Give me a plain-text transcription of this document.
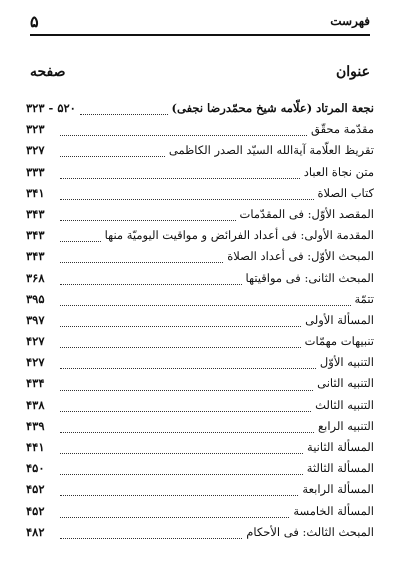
فهرست
۵
عنوان
صفحه
نجعة المرتاد (علّامه شیخ محمّدرضا نجفی)
۵۲۰ - ۳۲۳
مقدّمة محقّق
۳۲۳
تقریظ العلّامة آیة‌الله السیّد الصدر الکاظمی
۳۲۷
متن نجاة العباد
۳۳۳
کتاب الصلاة
۳۴۱
المقصد الأوّل: فی المقدّمات
۳۴۳
المقدمة الأولى: فی أعداد الفرائض و مواقیت الیومیّة منها
۳۴۳
المبحث الأوّل: فی أعداد الصلاة
۳۴۳
المبحث الثانی: فی مواقیتها
۳۶۸
تتمّة
۳۹۵
المسألة الأولى
۳۹۷
تنبیهات مهمّات
۴۲۷
التنبیه الأوّل
۴۲۷
التنبیه الثانی
۴۳۴
التنبیه الثالث
۴۳۸
التنبیه الرابع
۴۳۹
المسألة الثانیة
۴۴۱
المسألة الثالثة
۴۵۰
المسألة الرابعة
۴۵۲
المسألة الخامسة
۴۵۲
المبحث الثالث: فی الأحکام
۴۸۲
